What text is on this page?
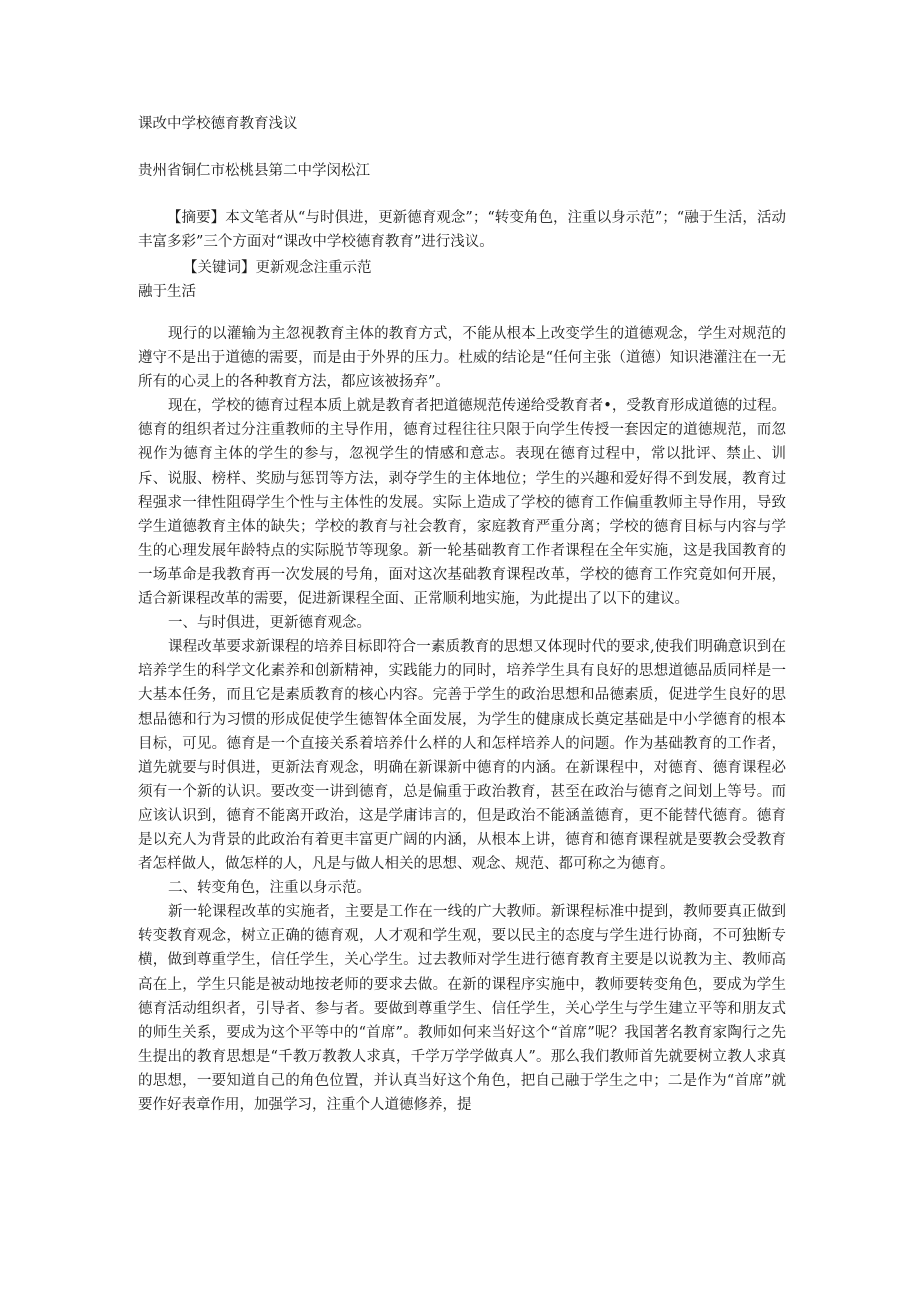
课改中学校德育教育浅议

贵州省铜仁市松桃县第二中学闵松江

【摘要】本文笔者从“与时俱进，更新德育观念”；“转变角色，注重以身示范”；“融于生活，活动丰富多彩”三个方面对“课改中学校德育教育”进行浅议。

【关键词】更新观念注重示范

融于生活

现行的以灌输为主忽视教育主体的教育方式，不能从根本上改变学生的道德观念，学生对规范的遵守不是出于道德的需要，而是由于外界的压力。杜威的结论是“任何主张（道德）知识港灌注在一无所有的心灵上的各种教育方法，都应该被扬弃”。

现在，学校的德育过程本质上就是教育者把道德规范传递给受教育者•，受教育形成道德的过程。德育的组织者过分注重教师的主导作用，德育过程往往只限于向学生传授一套因定的道德规范，而忽视作为德育主体的学生的参与，忽视学生的情感和意志。表现在德育过程中，常以批评、禁止、训斥、说服、榜样、奖励与惩罚等方法，剥夺学生的主体地位；学生的兴趣和爱好得不到发展，教育过程强求一律性阻碍学生个性与主体性的发展。实际上造成了学校的德育工作偏重教师主导作用，导致学生道德教育主体的缺失；学校的教育与社会教育，家庭教育严重分离；学校的德育目标与内容与学生的心理发展年龄特点的实际脱节等现象。新一轮基础教育工作者课程在全年实施，这是我国教育的一场革命是我教育再一次发展的号角，面对这次基础教育课程改革，学校的德育工作究竟如何开展，适合新课程改革的需要，促进新课程全面、正常顺利地实施，为此提出了以下的建议。

一、与时俱进，更新德育观念。

课程改革要求新课程的培养目标即符合一素质教育的思想又体现时代的要求,使我们明确意识到在培养学生的科学文化素养和创新精神，实践能力的同时，培养学生具有良好的思想道德品质同样是一大基本任务，而且它是素质教育的核心内容。完善于学生的政治思想和品德素质，促进学生良好的思想品德和行为习惯的形成促使学生德智体全面发展，为学生的健康成长奠定基础是中小学德育的根本目标，可见。德育是一个直接关系着培养什么样的人和怎样培养人的问题。作为基础教育的工作者，道先就要与时俱进，更新法育观念，明确在新课新中德育的内涵。在新课程中，对德育、德育课程必须有一个新的认识。要改变一讲到德育，总是偏重于政治教育，甚至在政治与德育之间划上等号。而应该认识到，德育不能离开政治，这是学庸讳言的，但是政治不能涵盖德育，更不能替代德育。德育是以充人为背景的此政治有着更丰富更广阔的内涵，从根本上讲，德育和德育课程就是要教会受教育者怎样做人，做怎样的人，凡是与做人相关的思想、观念、规范、都可称之为德育。

二、转变角色，注重以身示范。

新一轮课程改革的实施者，主要是工作在一线的广大教师。新课程标准中提到，教师要真正做到转变教育观念，树立正确的德育观，人才观和学生观，要以民主的态度与学生进行协商，不可独断专横，做到尊重学生，信任学生，关心学生。过去教师对学生进行德育教育主要是以说教为主、教师高高在上，学生只能是被动地按老师的要求去做。在新的课程序实施中，教师要转变角色，要成为学生德育活动组织者，引导者、参与者。要做到尊重学生、信任学生，关心学生与学生建立平等和朋友式的师生关系，要成为这个平等中的“首席”。教师如何来当好这个“首席”呢？我国著名教育家陶行之先生提出的教育思想是“千教万教教人求真，千学万学学做真人”。那么我们教师首先就要树立教人求真的思想，一要知道自己的角色位置，并认真当好这个角色，把自己融于学生之中；二是作为“首席”就要作好表章作用，加强学习，注重个人道德修养，提
